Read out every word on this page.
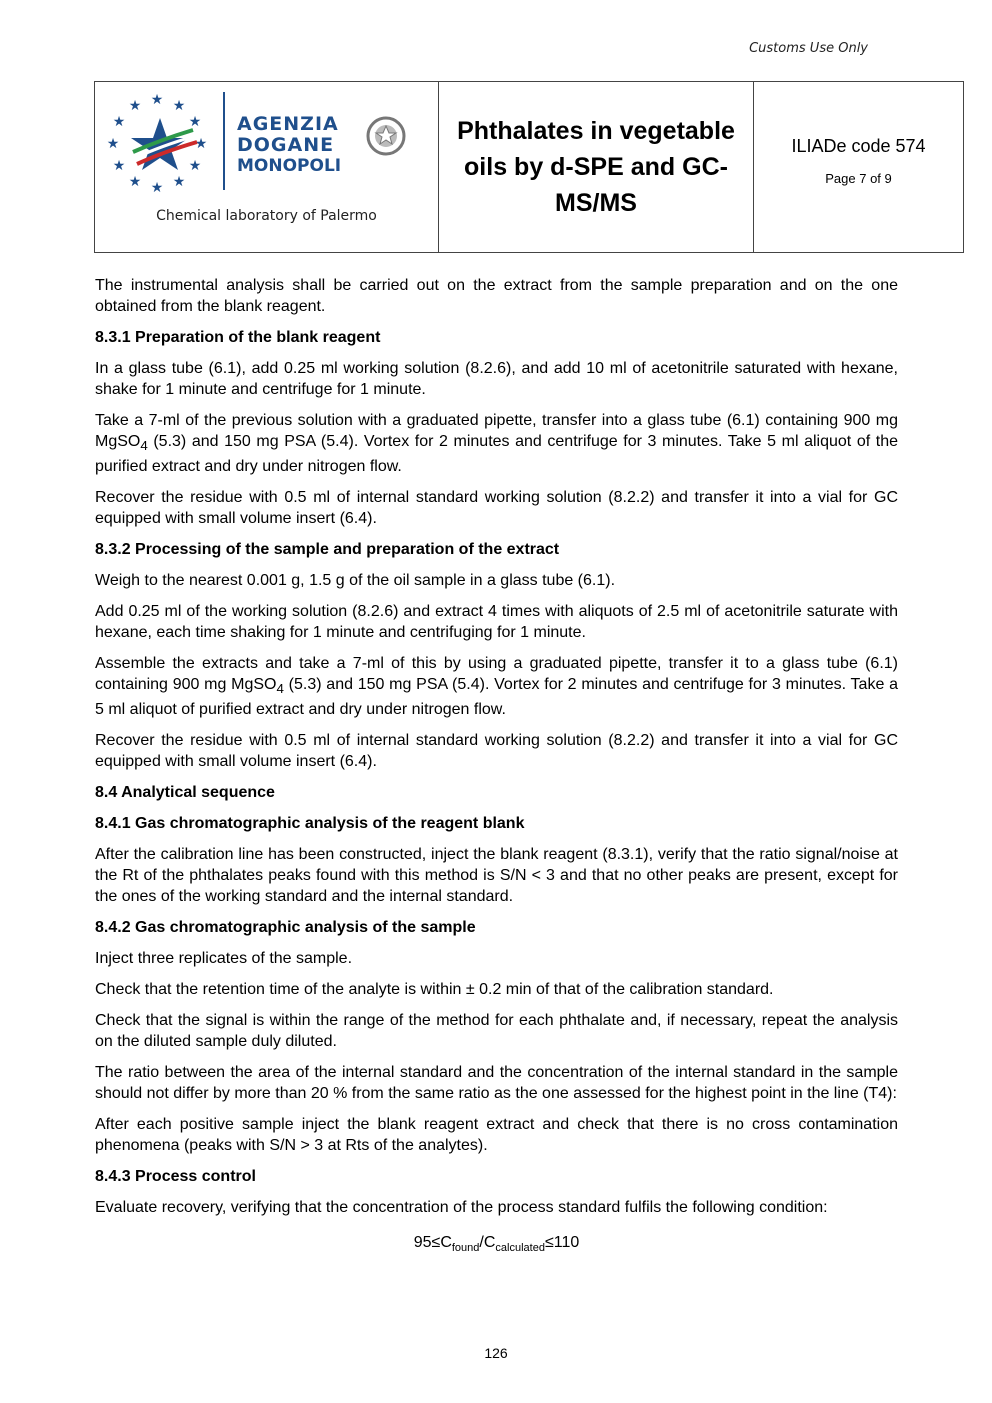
Customs Use Only
★ ★
★
★
★
★
★
★
★
★
★
★
AGENZIA
DOGANE
MONOPOLI
Chemical laboratory of Palermo
Phthalates in vegetable oils by d-SPE and GC-MS/MS
ILIADe code 574
Page 7 of 9

The instrumental analysis shall be carried out on the extract from the sample preparation and on the one obtained from the blank reagent.

8.3.1 Preparation of the blank reagent

In a glass tube (6.1), add 0.25 ml working solution (8.2.6), and add 10 ml of acetonitrile saturated with hexane, shake for 1 minute and centrifuge for 1 minute.

Take a 7-ml of the previous solution with a graduated pipette, transfer into a glass tube (6.1) containing 900 mg MgSO$_4$ (5.3) and 150 mg PSA (5.4). Vortex for 2 minutes and centrifuge for 3 minutes. Take 5 ml aliquot of the purified extract and dry under nitrogen flow.

Recover the residue with 0.5 ml of internal standard working solution (8.2.2) and transfer it into a vial for GC equipped with small volume insert (6.4).

8.3.2 Processing of the sample and preparation of the extract

Weigh to the nearest 0.001 g, 1.5 g of the oil sample in a glass tube (6.1).

Add 0.25 ml of the working solution (8.2.6) and extract 4 times with aliquots of 2.5 ml of acetonitrile saturate with hexane, each time shaking for 1 minute and centrifuging for 1 minute.

Assemble the extracts and take a 7-ml of this by using a graduated pipette, transfer it to a glass tube (6.1) containing 900 mg MgSO$_4$ (5.3) and 150 mg PSA (5.4). Vortex for 2 minutes and centrifuge for 3 minutes. Take a 5 ml aliquot of purified extract and dry under nitrogen flow.

Recover the residue with 0.5 ml of internal standard working solution (8.2.2) and transfer it into a vial for GC equipped with small volume insert (6.4).

8.4 Analytical sequence
8.4.1 Gas chromatographic analysis of the reagent blank

After the calibration line has been constructed, inject the blank reagent (8.3.1), verify that the ratio signal/noise at the Rt of the phthalates peaks found with this method is S/N < 3 and that no other peaks are present, except for the ones of the working standard and the internal standard.

8.4.2 Gas chromatographic analysis of the sample

Inject three replicates of the sample.

Check that the retention time of the analyte is within ± 0.2 min of that of the calibration standard.

Check that the signal is within the range of the method for each phthalate and, if necessary, repeat the analysis on the diluted sample duly diluted.

The ratio between the area of the internal standard and the concentration of the internal standard in the sample should not differ by more than 20 % from the same ratio as the one assessed for the highest point in the line (T4):

After each positive sample inject the blank reagent extract and check that there is no cross contamination phenomena (peaks with S/N > 3 at Rts of the analytes).

8.4.3 Process control

Evaluate recovery, verifying that the concentration of the process standard fulfils the following condition:

$95\le C_{found}/C_{calculated}\le 110$

126
